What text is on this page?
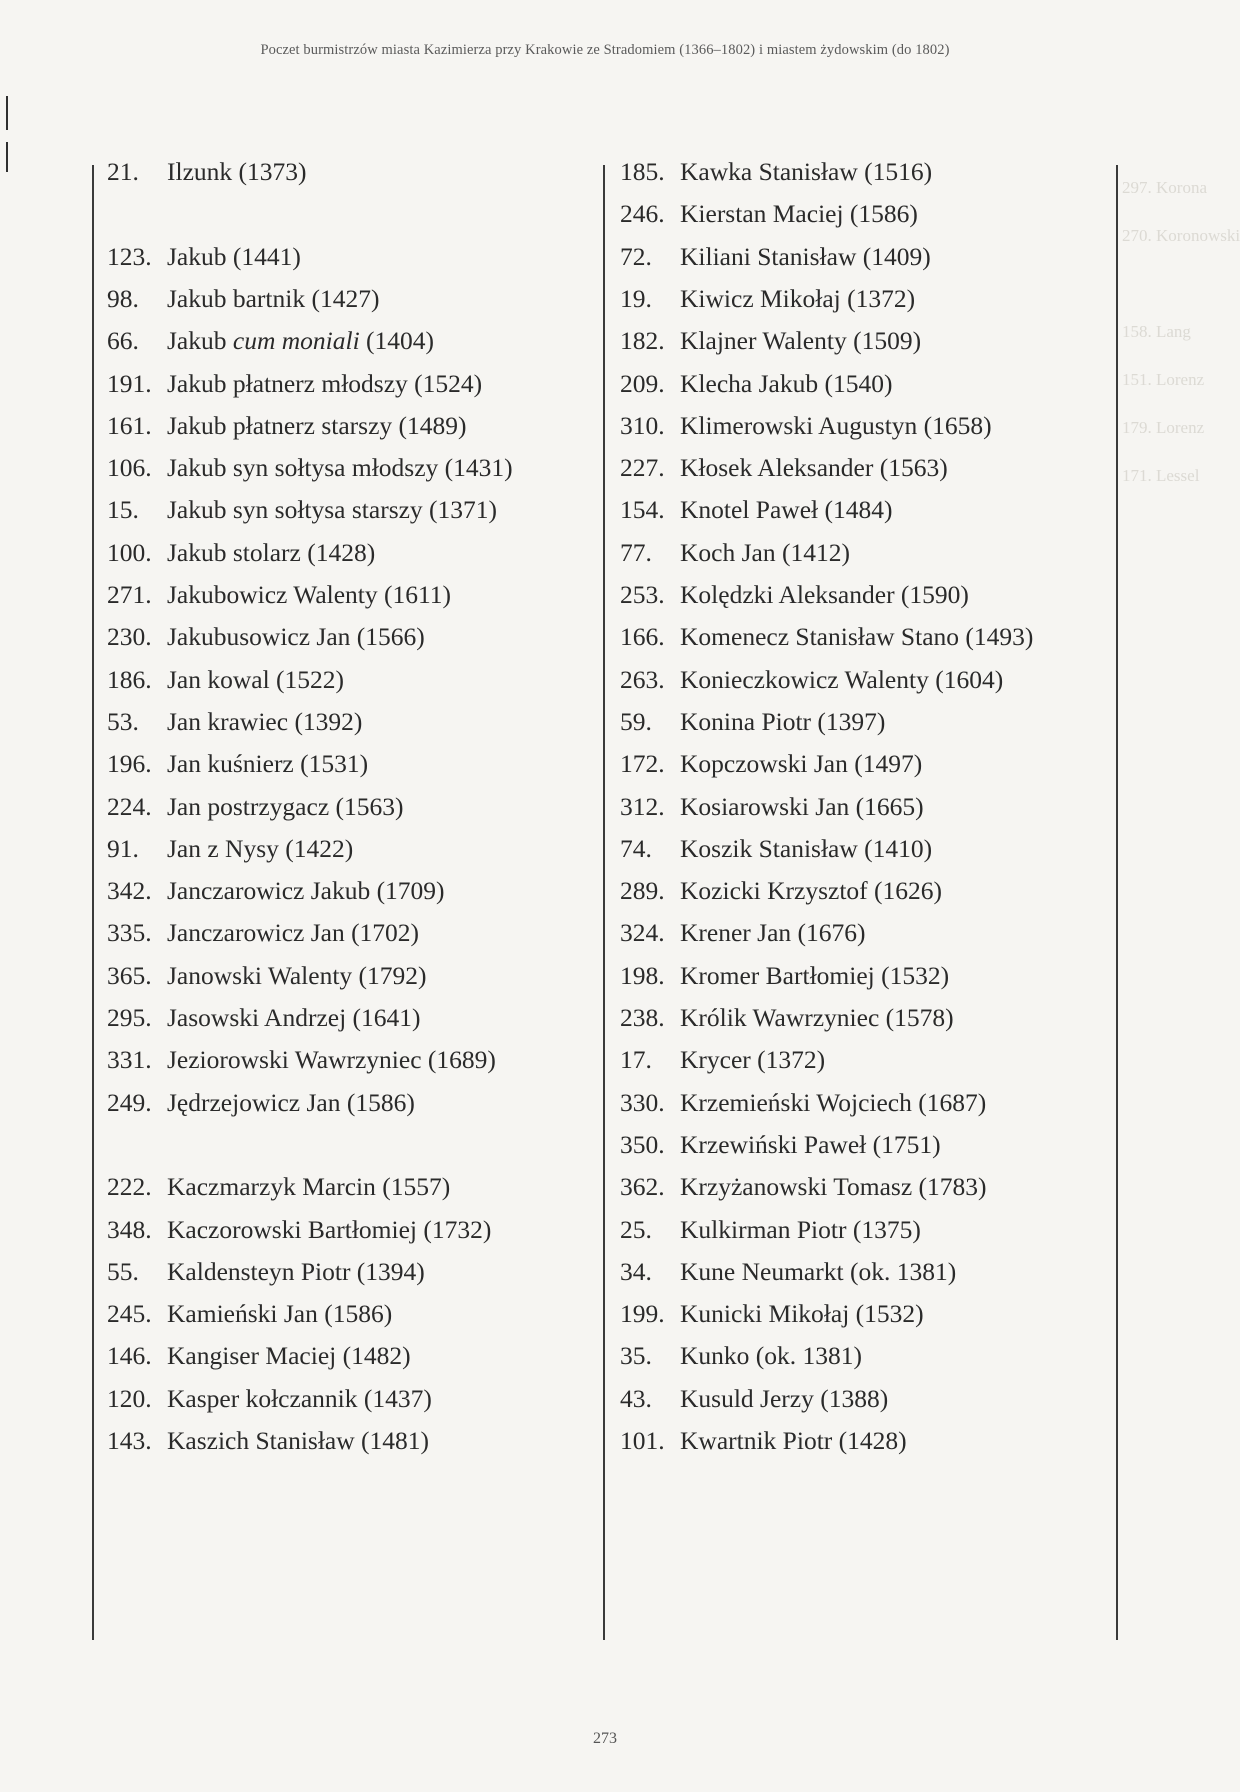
Poczet burmistrzów miasta Kazimierza przy Krakowie ze Stradomiem (1366–1802) i miastem żydowskim (do 1802)
21. Ilzunk (1373)
123. Jakub (1441)
98. Jakub bartnik (1427)
66. Jakub cum moniali (1404)
191. Jakub płatnerz młodszy (1524)
161. Jakub płatnerz starszy (1489)
106. Jakub syn sołtysa młodszy (1431)
15. Jakub syn sołtysa starszy (1371)
100. Jakub stolarz (1428)
271. Jakubowicz Walenty (1611)
230. Jakubusowicz Jan (1566)
186. Jan kowal (1522)
53. Jan krawiec (1392)
196. Jan kuśnierz (1531)
224. Jan postrzygacz (1563)
91. Jan z Nysy (1422)
342. Janczarowicz Jakub (1709)
335. Janczarowicz Jan (1702)
365. Janowski Walenty (1792)
295. Jasowski Andrzej (1641)
331. Jeziorowski Wawrzyniec (1689)
249. Jędrzejowicz Jan (1586)
222. Kaczmarzyk Marcin (1557)
348. Kaczorowski Bartłomiej (1732)
55. Kaldensteyn Piotr (1394)
245. Kamieński Jan (1586)
146. Kangiser Maciej (1482)
120. Kasper kołczannik (1437)
143. Kaszich Stanisław (1481)
185. Kawka Stanisław (1516)
246. Kierstan Maciej (1586)
72. Kiliani Stanisław (1409)
19. Kiwicz Mikołaj (1372)
182. Klajner Walenty (1509)
209. Klecha Jakub (1540)
310. Klimerowski Augustyn (1658)
227. Kłosek Aleksander (1563)
154. Knotel Paweł (1484)
77. Koch Jan (1412)
253. Kolędzki Aleksander (1590)
166. Komenecz Stanisław Stano (1493)
263. Konieczkowicz Walenty (1604)
59. Konina Piotr (1397)
172. Kopczowski Jan (1497)
312. Kosiarowski Jan (1665)
74. Koszik Stanisław (1410)
289. Kozicki Krzysztof (1626)
324. Krener Jan (1676)
198. Kromer Bartłomiej (1532)
238. Królik Wawrzyniec (1578)
17. Krycer (1372)
330. Krzemieński Wojciech (1687)
350. Krzewiński Paweł (1751)
362. Krzyżanowski Tomasz (1783)
25. Kulkirman Piotr (1375)
34. Kune Neumarkt (ok. 1381)
199. Kunicki Mikołaj (1532)
35. Kunko (ok. 1381)
43. Kusuld Jerzy (1388)
101. Kwartnik Piotr (1428)
297. Korona
270. Koronowski
158. Lang
151. Lorenz
179. Lorenz
171. Lessel
273
